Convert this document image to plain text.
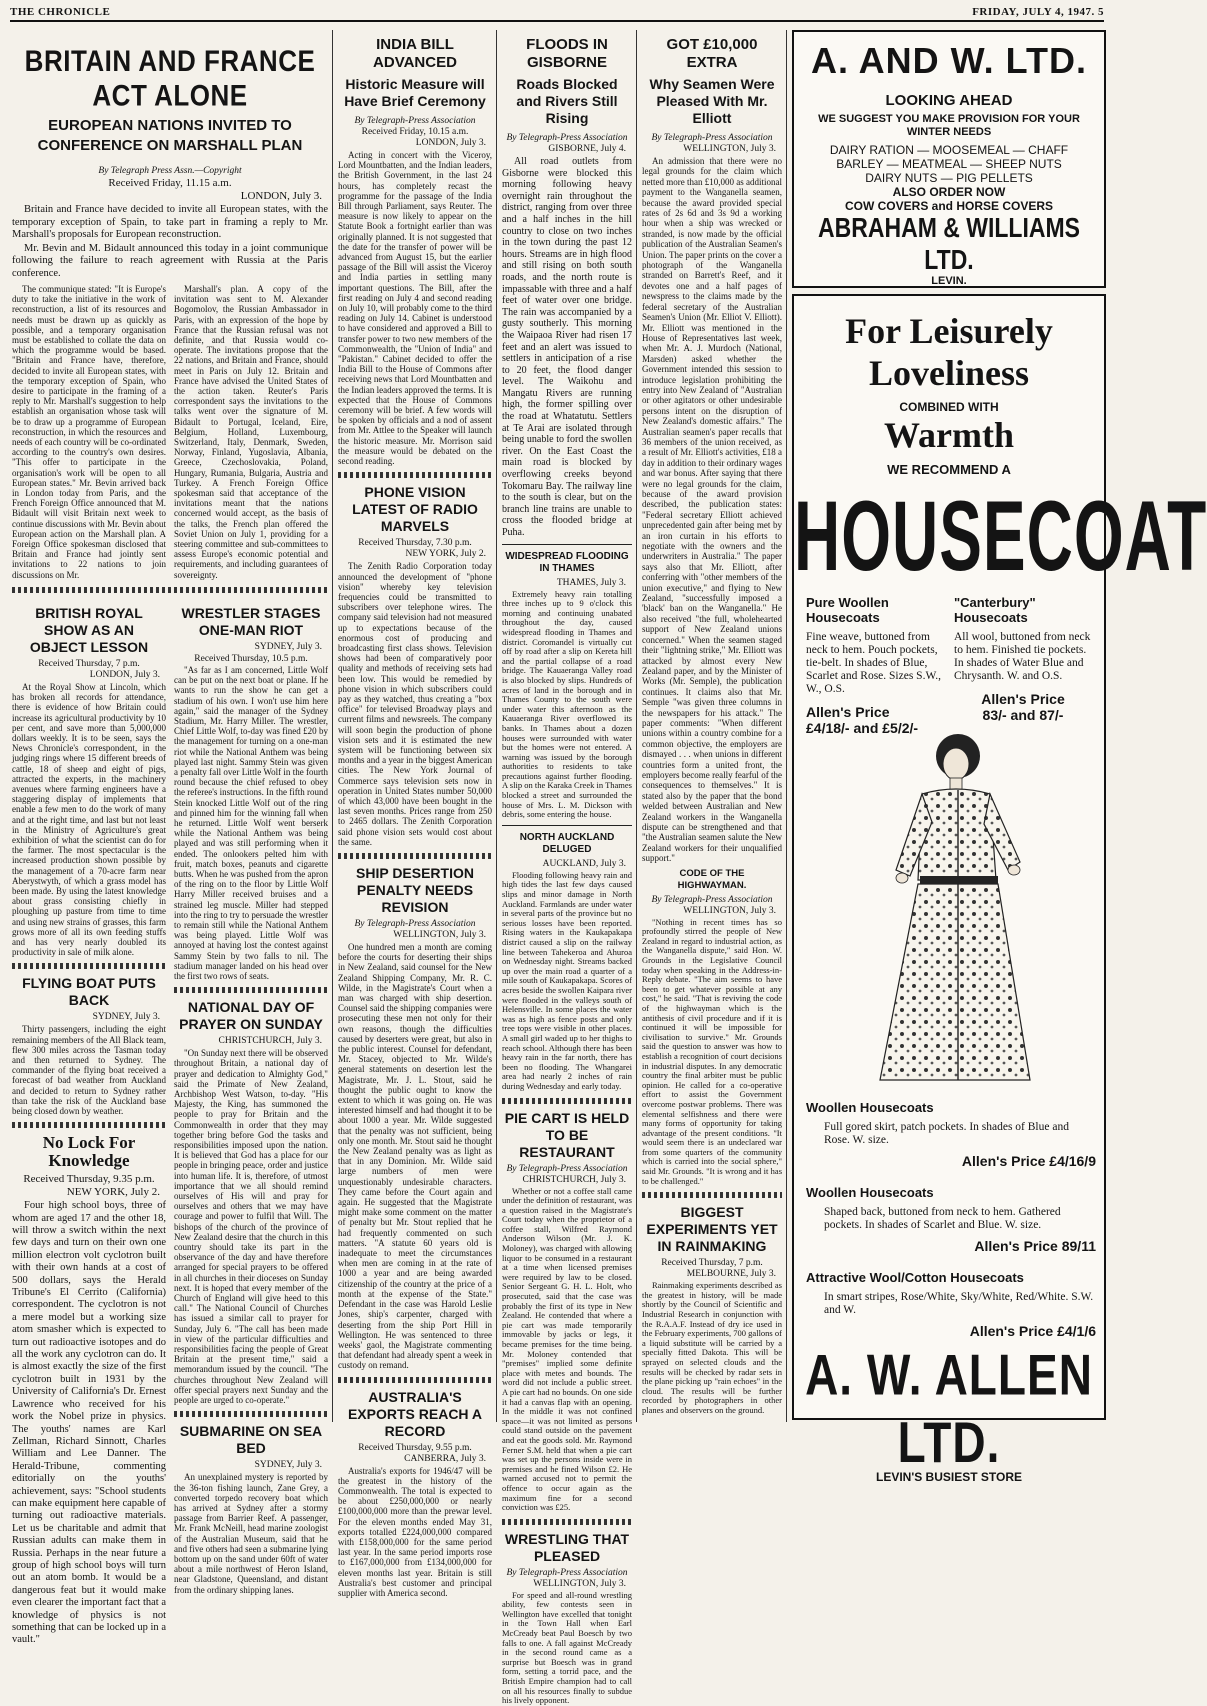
THE CHRONICLE	FRIDAY, JULY 4, 1947. 5
BRITAIN AND FRANCE ACT ALONE
EUROPEAN NATIONS INVITED TO CONFERENCE ON MARSHALL PLAN
By Telegraph Press Assn.—Copyright
Received Friday, 11.15 a.m.
LONDON, July 3.

Britain and France have decided to invite all European states, with the temporary exception of Spain, to take part in framing a reply to Mr. Marshall's proposals for European reconstruction.

Mr. Bevin and M. Bidault announced this today in a joint communique following the failure to reach agreement with Russia at the Paris conference.

The communique stated: "It is Europe's duty to take the initiative in the work of reconstruction, a list of its resources and needs must be drawn up as quickly as possible, and a temporary organisation must be established to collate the data on which the programme would be based. "Britain and France have, therefore, decided to invite all European states, with the temporary exception of Spain, who desire to participate in the framing of a reply to Mr. Marshall's suggestion to help establish an organisation whose task will be to draw up a programme of European reconstruction, in which the resources and needs of each country will be co-ordinated according to the country's own desires. "This offer to participate in the organisation's work will be open to all European states." Mr. Bevin arrived back in London today from Paris, and the French Foreign Office announced that M. Bidault will visit Britain next week to continue discussions with Mr. Bevin about European action on the Marshall plan. A Foreign Office spokesman disclosed that Britain and France had jointly sent invitations to 22 nations to join discussions on Mr.

Marshall's plan. A copy of the invitation was sent to M. Alexander Bogomolov, the Russian Ambassador in Paris, with an expression of the hope by France that the Russian refusal was not definite, and that Russia would co-operate. The invitations propose that the 22 nations, and Britain and France, should meet in Paris on July 12. Britain and France have advised the United States of the action taken. Reuter's Paris correspondent says the invitations to the talks went over the signature of M. Bidault to Portugal, Iceland, Eire, Belgium, Holland, Luxembourg, Switzerland, Italy, Denmark, Sweden, Norway, Finland, Yugoslavia, Albania, Greece, Czechoslovakia, Poland, Hungary, Rumania, Bulgaria, Austria and Turkey. A French Foreign Office spokesman said that acceptance of the invitations meant that the nations concerned would accept, as the basis of the talks, the French plan offered the Soviet Union on July 1, providing for a steering committee and sub-committees to assess Europe's economic potential and requirements, and including guarantees of sovereignty.

BRITISH ROYAL SHOW AS AN OBJECT LESSON
Received Thursday, 7 p.m.
LONDON, July 3.

At the Royal Show at Lincoln, which has broken all records for attendance, there is evidence of how Britain could increase its agricultural productivity by 10 per cent, and save more than 5,000,000 dollars weekly. It is to be seen, says the News Chronicle's correspondent, in the judging rings where 15 different breeds of cattle, 18 of sheep and eight of pigs, attracted the experts, in the machinery avenues where farming engineers have a staggering display of implements that enable a few men to do the work of many and at the right time, and last but not least in the Ministry of Agriculture's great exhibition of what the scientist can do for the farmer. The most spectacular is the increased production shown possible by the management of a 70-acre farm near Aberystwyth, of which a grass model has been made. By using the latest knowledge about grass consisting chiefly in ploughing up pasture from time to time and using new strains of grasses, this farm grows more of all its own feeding stuffs and has very nearly doubled its productivity in sale of milk alone.

FLYING BOAT PUTS BACK
SYDNEY, July 3.

Thirty passengers, including the eight remaining members of the All Black team, flew 300 miles across the Tasman today and then returned to Sydney. The commander of the flying boat received a forecast of bad weather from Auckland and decided to return to Sydney rather than take the risk of the Auckland base being closed down by weather.

No Lock For Knowledge
Received Thursday, 9.35 p.m.
NEW YORK, July 2.

Four high school boys, three of whom are aged 17 and the other 18, will throw a switch within the next few days and turn on their own one million electron volt cyclotron built with their own hands at a cost of 500 dollars, says the Herald Tribune's El Cerrito (California) correspondent. The cyclotron is not a mere model but a working size atom smasher which is expected to turn out radioactive isotopes and do all the work any cyclotron can do. It is almost exactly the size of the first cyclotron built in 1931 by the University of California's Dr. Ernest Lawrence who received for his work the Nobel prize in physics. The youths' names are Karl Zellman, Richard Sinnott, Charles William and Lee Danner. The Herald-Tribune, commenting editorially on the youths' achievement, says: "School students can make equipment here capable of turning out radioactive materials. Let us be charitable and admit that Russian adults can make them in Russia. Perhaps in the near future a group of high school boys will turn out an atom bomb. It would be a dangerous feat but it would make even clearer the important fact that a knowledge of physics is not something that can be locked up in a vault."

WRESTLER STAGES ONE-MAN RIOT
SYDNEY, July 3.
Received Thursday, 10.5 p.m.

"As far as I am concerned, Little Wolf can be put on the next boat or plane. If he wants to run the show he can get a stadium of his own. I won't use him here again," said the manager of the Sydney Stadium, Mr. Harry Miller. The wrestler, Chief Little Wolf, to-day was fined £20 by the management for turning on a one-man riot while the National Anthem was being played last night. Sammy Stein was given a penalty fall over Little Wolf in the fourth round because the chief refused to obey the referee's instructions. In the fifth round Stein knocked Little Wolf out of the ring and pinned him for the winning fall when he returned. Little Wolf went berserk while the National Anthem was being played and was still performing when it ended. The onlookers pelted him with fruit, match boxes, peanuts and cigarette butts. When he was pushed from the apron of the ring on to the floor by Little Wolf Harry Miller received bruises and a strained leg muscle. Miller had stepped into the ring to try to persuade the wrestler to remain still while the National Anthem was being played. Little Wolf was annoyed at having lost the contest against Sammy Stein by two falls to nil. The stadium manager landed on his head over the first two rows of seats.

NATIONAL DAY OF PRAYER ON SUNDAY
CHRISTCHURCH, July 3.

"On Sunday next there will be observed throughout Britain, a national day of prayer and dedication to Almighty God," said the Primate of New Zealand, Archbishop West Watson, to-day. "His Majesty, the King, has summoned the people to pray for Britain and the Commonwealth in order that they may together bring before God the tasks and responsibilities imposed upon the nation. It is believed that God has a place for our people in bringing peace, order and justice into human life. It is, therefore, of utmost importance that we all should remind ourselves of His will and pray for ourselves and others that we may have courage and power to fulfil that Will. The bishops of the church of the province of New Zealand desire that the church in this country should take its part in the observance of the day and have therefore arranged for special prayers to be offered in all churches in their dioceses on Sunday next. It is hoped that every member of the Church of England will give heed to this call." The National Council of Churches has issued a similar call to prayer for Sunday, July 6. "The call has been made in view of the particular difficulties and responsibilities facing the people of Great Britain at the present time," said a memorandum issued by the council. "The churches throughout New Zealand will offer special prayers next Sunday and the people are urged to co-operate."

SUBMARINE ON SEA BED
SYDNEY, July 3.

An unexplained mystery is reported by the 36-ton fishing launch, Zane Grey, a converted torpedo recovery boat which has arrived at Sydney after a stormy passage from Barrier Reef. A passenger, Mr. Frank McNeill, head marine zoologist of the Australian Museum, said that he and five others had seen a submarine lying bottom up on the sand under 60ft of water about a mile northwest of Heron Island, near Gladstone, Queensland, and distant from the ordinary shipping lanes.

INDIA BILL ADVANCED
Historic Measure will Have Brief Ceremony
By Telegraph-Press Association
Received Friday, 10.15 a.m.
LONDON, July 3.

Acting in concert with the Viceroy, Lord Mountbatten, and the Indian leaders, the British Government, in the last 24 hours, has completely recast the programme for the passage of the India Bill through Parliament, says Reuter. The measure is now likely to appear on the Statute Book a fortnight earlier than was originally planned. It is not suggested that the date for the transfer of power will be advanced from August 15, but the earlier passage of the Bill will assist the Viceroy and India parties in settling many important questions. The Bill, after the first reading on July 4 and second reading on July 10, will probably come to the third reading on July 14. Cabinet is understood to have considered and approved a Bill to transfer power to two new members of the Commonwealth, the "Union of India" and "Pakistan." Cabinet decided to offer the India Bill to the House of Commons after receiving news that Lord Mountbatten and the Indian leaders approved the terms. It is expected that the House of Commons ceremony will be brief. A few words will be spoken by officials and a nod of assent from Mr. Attlee to the Speaker will launch the historic measure. Mr. Morrison said the measure would be debated on the second reading.

PHONE VISION LATEST OF RADIO MARVELS
Received Thursday, 7.30 p.m.
NEW YORK, July 2.

The Zenith Radio Corporation today announced the development of "phone vision" whereby key television frequencies could be transmitted to subscribers over telephone wires. The company said television had not measured up to expectations because of the enormous cost of producing and broadcasting first class shows. Television shows had been of comparatively poor quality and methods of receiving sets had been low. This would be remedied by phone vision in which subscribers could pay as they watched, thus creating a "box office" for televised Broadway plays and current films and newsreels. The company will soon begin the production of phone vision sets and it is estimated the new system will be functioning between six months and a year in the biggest American cities. The New York Journal of Commerce says television sets now in operation in United States number 50,000 of which 43,000 have been bought in the last seven months. Prices range from 250 to 2465 dollars. The Zenith Corporation said phone vision sets would cost about the same.

SHIP DESERTION PENALTY NEEDS REVISION
By Telegraph-Press Association
WELLINGTON, July 3.

One hundred men a month are coming before the courts for deserting their ships in New Zealand, said counsel for the New Zealand Shipping Company, Mr. R. C. Wilde, in the Magistrate's Court when a man was charged with ship desertion. Counsel said the shipping companies were prosecuting these men not only for their own reasons, though the difficulties caused by deserters were great, but also in the public interest. Counsel for defendant, Mr. Stacey, objected to Mr. Wilde's general statements on desertion lest the Magistrate, Mr. J. L. Stout, said he thought the public ought to know the extent to which it was going on. He was interested himself and had thought it to be about 1000 a year. Mr. Wilde suggested that the penalty was not sufficient, being only one month. Mr. Stout said he thought the New Zealand penalty was as light as that in any Dominion. Mr. Wilde said large numbers of men were unquestionably undesirable characters. They came before the Court again and again. He suggested that the Magistrate might make some comment on the matter of penalty but Mr. Stout replied that he had frequently commented on such matters. "A statute 60 years old is inadequate to meet the circumstances when men are coming in at the rate of 1000 a year and are being awarded citizenship of the country at the price of a month at the expense of the State." Defendant in the case was Harold Leslie Jones, ship's carpenter, charged with deserting from the ship Port Hill in Wellington. He was sentenced to three weeks' gaol, the Magistrate commenting that defendant had already spent a week in custody on remand.

AUSTRALIA'S EXPORTS REACH A RECORD
Received Thursday, 9.55 p.m.
CANBERRA, July 3.

Australia's exports for 1946/47 will be the greatest in the history of the Commonwealth. The total is expected to be about £250,000,000 or nearly £100,000,000 more than the prewar level. For the eleven months ended May 31, exports totalled £224,000,000 compared with £158,000,000 for the same period last year. In the same period imports rose to £167,000,000 from £134,000,000 for eleven months last year. Britain is still Australia's best customer and principal supplier with America second.

FLOODS IN GISBORNE
Roads Blocked and Rivers Still Rising
By Telegraph-Press Association
GISBORNE, July 4.

All road outlets from Gisborne were blocked this morning following heavy overnight rain throughout the district, ranging from over three and a half inches in the hill country to close on two inches in the town during the past 12 hours. Streams are in high flood and still rising on both south roads, and the north route is impassable with three and a half feet of water over one bridge. The rain was accompanied by a gusty southerly. This morning the Waipaoa River had risen 17 feet and an alert was issued to settlers in anticipation of a rise to 20 feet, the flood danger level. The Waikohu and Mangatu Rivers are running high, the former spilling over the road at Whatatutu. Settlers at Te Arai are isolated through being unable to ford the swollen river. On the East Coast the main road is blocked by overflowing creeks beyond Tokomaru Bay. The railway line to the south is clear, but on the branch line trains are unable to cross the flooded bridge at Puha.

WIDESPREAD FLOODING IN THAMES
THAMES, July 3.

Extremely heavy rain totalling three inches up to 9 o'clock this morning and continuing unabated throughout the day, caused widespread flooding in Thames and district. Coromandel is virtually cut off by road after a slip on Kereta hill and the partial collapse of a road bridge. The Kauaeranga Valley road is also blocked by slips. Hundreds of acres of land in the borough and in Thames County to the south were under water this afternoon as the Kauaeranga River overflowed its banks. In Thames about a dozen houses were surrounded with water but the homes were not entered. A warning was issued by the borough authorities to residents to take precautions against further flooding. A slip on the Karaka Creek in Thames blocked a street and surrounded the house of Mrs. L. M. Dickson with debris, some entering the house.

NORTH AUCKLAND DELUGED
AUCKLAND, July 3.

Flooding following heavy rain and high tides the last few days caused slips and minor damage in North Auckland. Farmlands are under water in several parts of the province but no serious losses have been reported. Rising waters in the Kaukapakapa district caused a slip on the railway line between Tahekeroa and Ahuroa on Wednesday night. Streams backed up over the main road a quarter of a mile south of Kaukapakapa. Scores of acres beside the swollen Kaipara river were flooded in the valleys south of Helensville. In some places the water was as high as fence posts and only tree tops were visible in other places. A small girl waded up to her thighs to reach school. Although there has been heavy rain in the far north, there has been no flooding. The Whangarei area had nearly 2 inches of rain during Wednesday and early today.

PIE CART IS HELD TO BE RESTAURANT
By Telegraph-Press Association
CHRISTCHURCH, July 3.

Whether or not a coffee stall came under the definition of restaurant, was a question raised in the Magistrate's Court today when the proprietor of a coffee stall, Wilfred Raymond Anderson Wilson (Mr. J. K. Moloney), was charged with allowing liquor to be consumed in a restaurant at a time when licensed premises were required by law to be closed. Senior Sergeant G. H. L. Holt, who prosecuted, said that the case was probably the first of its type in New Zealand. He contended that where a pie cart was made temporarily immovable by jacks or legs, it became premises for the time being. Mr. Moloney contended that "premises" implied some definite place with metes and bounds. The word did not include a public street. A pie cart had no bounds. On one side it had a canvas flap with an opening. In the middle it was not confined space—it was not limited as persons could stand outside on the pavement and eat the goods sold. Mr. Raymond Ferner S.M. held that when a pie cart was set up the persons inside were in premises and he fined Wilson £2. He warned accused not to permit the offence to occur again as the maximum fine for a second conviction was £25.

WRESTLING THAT PLEASED
By Telegraph-Press Association
WELLINGTON, July 3.

For speed and all-round wrestling ability, few contests seen in Wellington have excelled that tonight in the Town Hall when Earl McCready beat Paul Boesch by two falls to one. A fall against McCready in the second round came as a surprise but Boesch was in grand form, setting a torrid pace, and the British Empire champion had to call on all his resources finally to subdue his lively opponent.

GOT £10,000 EXTRA
Why Seamen Were Pleased With Mr. Elliott
By Telegraph-Press Association
WELLINGTON, July 3.

An admission that there were no legal grounds for the claim which netted more than £10,000 as additional payment to the Wanganella seamen, because the award provided special rates of 2s 6d and 3s 9d a working hour when a ship was wrecked or stranded, is now made by the official publication of the Australian Seamen's Union. The paper prints on the cover a photograph of the Wanganella stranded on Barrett's Reef, and it devotes one and a half pages of newspress to the claims made by the federal secretary of the Australian Seamen's Union (Mr. Elliot V. Elliott). Mr. Elliott was mentioned in the House of Representatives last week, when Mr. A. J. Murdoch (National, Marsden) asked whether the Government intended this session to introduce legislation prohibiting the entry into New Zealand of "Australian or other agitators or other undesirable persons intent on the disruption of New Zealand's domestic affairs." The Australian seamen's paper recalls that 36 members of the union received, as a result of Mr. Elliott's activities, £18 a day in addition to their ordinary wages and war bonus. After saying that there were no legal grounds for the claim, because of the award provision described, the publication states: "Federal secretary Elliott achieved unprecedented gain after being met by an iron curtain in his efforts to negotiate with the owners and the underwriters in Australia." The paper says also that Mr. Elliott, after conferring with "other members of the union executive," and flying to New Zealand, "successfully imposed a 'black' ban on the Wanganella." He also received "the full, wholehearted support of New Zealand unions concerned." When the seamen staged their "lightning strike," Mr. Elliott was attacked by almost every New Zealand paper, and by the Minister of Works (Mr. Semple), the publication continues. It claims also that Mr. Semple "was given three columns in the newspapers for his attack." The paper comments: "When different unions within a country combine for a common objective, the employers are dismayed . . . when unions in different countries form a united front, the employers become really fearful of the consequences to themselves." It is stated also by the paper that the bond welded between Australian and New Zealand workers in the Wanganella dispute can be strengthened and that "the Australian seamen salute the New Zealand workers for their unqualified support."

CODE OF THE HIGHWAYMAN.
By Telegraph-Press Association
WELLINGTON, July 3.

"Nothing in recent times has so profoundly stirred the people of New Zealand in regard to industrial action, as the Wanganella dispute," said Hon. W. Grounds in the Legislative Council today when speaking in the Address-in-Reply debate. "The aim seems to have been to get whatever possible at any cost," he said. "That is reviving the code of the highwayman which is the antithesis of civil procedure and if it is continued it will be impossible for civilisation to survive." Mr. Grounds said the question to answer was how to establish a recognition of court decisions in industrial disputes. In any democratic country the final arbiter must be public opinion. He called for a co-operative effort to assist the Government overcome postwar problems. There was elemental selfishness and there were many forms of opportunity for taking advantage of the present conditions. "It would seem there is an undeclared war from some quarters of the community which is carried into the social sphere," said Mr. Grounds. "It is wrong and it has to be challenged."

BIGGEST EXPERIMENTS YET IN RAINMAKING
Received Thursday, 7 p.m.
MELBOURNE, July 3.

Rainmaking experiments described as the greatest in history, will be made shortly by the Council of Scientific and Industrial Research in conjunction with the R.A.A.F. Instead of dry ice used in the February experiments, 700 gallons of a liquid substitute will be carried by a specially fitted Dakota. This will be sprayed on selected clouds and the results will be checked by radar sets in the plane picking up "rain echoes" in the cloud. The results will be further recorded by photographers in other planes and observers on the ground.

A. AND W. LTD.
LOOKING AHEAD
WE SUGGEST YOU MAKE PROVISION FOR YOUR WINTER NEEDS
DAIRY RATION — MOOSEMEAL — CHAFF
BARLEY — MEATMEAL — SHEEP NUTS
DAIRY NUTS — PIG PELLETS
ALSO ORDER NOW
COW COVERS and HORSE COVERS
ABRAHAM & WILLIAMS LTD.
LEVIN.
For Leisurely
Loveliness
COMBINED WITH
Warmth
WE RECOMMEND A
HOUSECOAT
Pure Woollen Housecoats
Fine weave, buttoned from neck to hem. Pouch pockets, tie-belt. In shades of Blue, Scarlet and Rose. Sizes S.W., W., O.S.
Allen's Price
£4/18/- and £5/2/-
"Canterbury" Housecoats
All wool, buttoned from neck to hem. Finished tie pockets. In shades of Water Blue and Chrysanth. W. and O.S.
Allen's Price
83/- and 87/-
Woollen Housecoats
Full gored skirt, patch pockets. In shades of Blue and Rose. W. size.
Allen's Price £4/16/9
Woollen Housecoats
Shaped back, buttoned from neck to hem. Gathered pockets. In shades of Scarlet and Blue. W. size.
Allen's Price 89/11
Attractive Wool/Cotton Housecoats
In smart stripes, Rose/White, Sky/White, Red/White. S.W. and W.
Allen's Price £4/1/6
A. W. ALLEN LTD.
LEVIN'S BUSIEST STORE
